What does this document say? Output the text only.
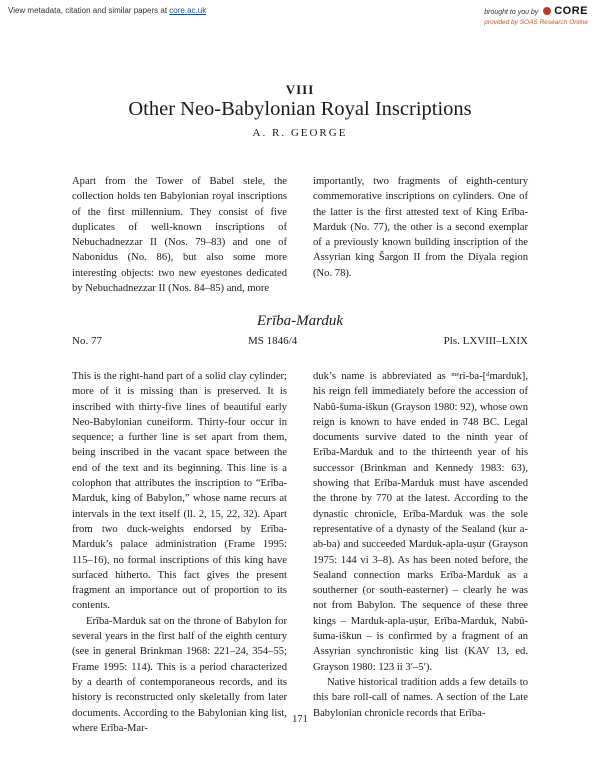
View metadata, citation and similar papers at core.ac.uk	brought to you by CORE
provided by SOAS Research Online
VIII
Other Neo-Babylonian Royal Inscriptions
A. R. GEORGE

Apart from the Tower of Babel stele, the collection holds ten Babylonian royal inscriptions of the first millennium. They consist of five duplicates of well-known inscriptions of Nebuchadnezzar II (Nos. 79–83) and one of Nabonidus (No. 86), but also some more interesting objects: two new eyestones dedicated by Nebuchadnezzar II (Nos. 84–85) and, more

importantly, two fragments of eighth-century commemorative inscriptions on cylinders. One of the latter is the first attested text of King Erība-Marduk (No. 77), the other is a second exemplar of a previously known building inscription of the Assyrian king Šargon II from the Diyala region (No. 78).

Erība-Marduk
No. 77	MS 1846/4	Pls. LXVIII–LXIX

This is the right-hand part of a solid clay cylinder; more of it is missing than is preserved. It is inscribed with thirty-five lines of beautiful early Neo-Babylonian cuneiform. Thirty-four occur in sequence; a further line is set apart from them, being inscribed in the vacant space between the end of the text and its beginning. This line is a colophon that attributes the inscription to “Erība-Marduk, king of Babylon,” whose name recurs at intervals in the text itself (ll. 2, 15, 22, 32). Apart from two duck-weights endorsed by Erība-Marduk’s palace administration (Frame 1995: 115–16), no formal inscriptions of this king have surfaced hitherto. This fact gives the present fragment an importance out of proportion to its contents.

Erība-Marduk sat on the throne of Babylon for several years in the first half of the eighth century (see in general Brinkman 1968: 221–24, 354–55; Frame 1995: 114). This is a period characterized by a dearth of contemporaneous records, and its history is reconstructed only skeletally from later documents. According to the Babylonian king list, where Erība-Mar-

duk’s name is abbreviated as ᵐᵉri-ba-[ᵈmarduk], his reign fell immediately before the accession of Nabû-šuma-iškun (Grayson 1980: 92), whose own reign is known to have ended in 748 BC. Legal documents survive dated to the ninth year of Erība-Marduk and to the thirteenth year of his successor (Brinkman and Kennedy 1983: 63), showing that Erība-Marduk must have ascended the throne by 770 at the latest. According to the dynastic chronicle, Erība-Marduk was the sole representative of a dynasty of the Sealand (kur a-ab-ba) and succeeded Marduk-apla-uṣur (Grayson 1975: 144 vi 3–8). As has been noted before, the Sealand connection marks Erība-Marduk as a southerner (or south-easterner) – clearly he was not from Babylon. The sequence of these three kings – Marduk-apla-uṣur, Erība-Marduk, Nabû-šuma-iškun – is confirmed by a fragment of an Assyrian synchronistic king list (KAV 13, ed. Grayson 1980: 123 ii 3′–5′).

Native historical tradition adds a few details to this bare roll-call of names. A section of the Late Babylonian chronicle records that Erība-

171
